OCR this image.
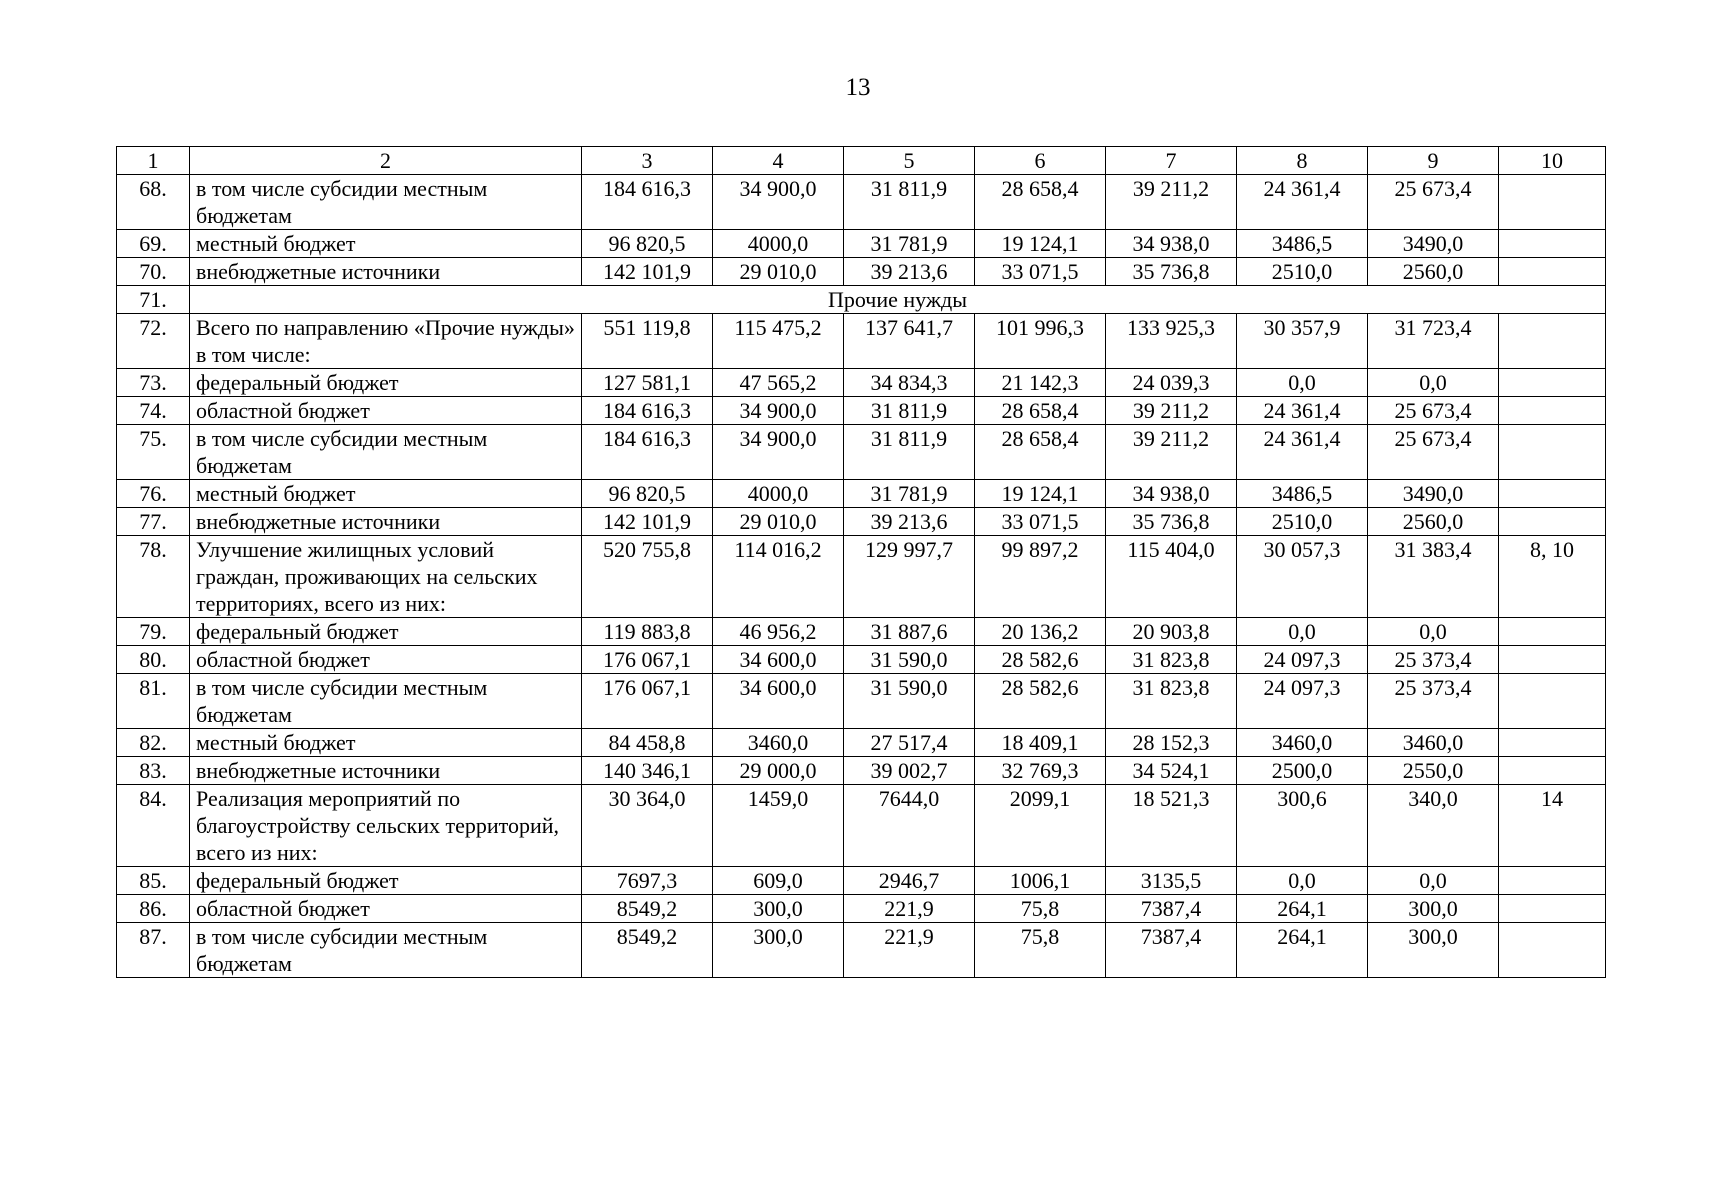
13
1	2	3	4	5	6	7	8	9	10
68.	в том числе субсидии местным бюджетам	184 616,3	34 900,0	31 811,9	28 658,4	39 211,2	24 361,4	25 673,4	
69.	местный бюджет	96 820,5	4000,0	31 781,9	19 124,1	34 938,0	3486,5	3490,0	
70.	внебюджетные источники	142 101,9	29 010,0	39 213,6	33 071,5	35 736,8	2510,0	2560,0	
71.	Прочие нужды								
72.	Всего по направлению «Прочие нужды» в том числе:	551 119,8	115 475,2	137 641,7	101 996,3	133 925,3	30 357,9	31 723,4	
73.	федеральный бюджет	127 581,1	47 565,2	34 834,3	21 142,3	24 039,3	0,0	0,0	
74.	областной бюджет	184 616,3	34 900,0	31 811,9	28 658,4	39 211,2	24 361,4	25 673,4	
75.	в том числе субсидии местным бюджетам	184 616,3	34 900,0	31 811,9	28 658,4	39 211,2	24 361,4	25 673,4	
76.	местный бюджет	96 820,5	4000,0	31 781,9	19 124,1	34 938,0	3486,5	3490,0	
77.	внебюджетные источники	142 101,9	29 010,0	39 213,6	33 071,5	35 736,8	2510,0	2560,0	
78.	Улучшение жилищных условий граждан, проживающих на сельских территориях, всего из них:	520 755,8	114 016,2	129 997,7	99 897,2	115 404,0	30 057,3	31 383,4	8, 10
79.	федеральный бюджет	119 883,8	46 956,2	31 887,6	20 136,2	20 903,8	0,0	0,0	
80.	областной бюджет	176 067,1	34 600,0	31 590,0	28 582,6	31 823,8	24 097,3	25 373,4	
81.	в том числе субсидии местным бюджетам	176 067,1	34 600,0	31 590,0	28 582,6	31 823,8	24 097,3	25 373,4	
82.	местный бюджет	84 458,8	3460,0	27 517,4	18 409,1	28 152,3	3460,0	3460,0	
83.	внебюджетные источники	140 346,1	29 000,0	39 002,7	32 769,3	34 524,1	2500,0	2550,0	
84.	Реализация мероприятий по благоустройству сельских территорий, всего из них:	30 364,0	1459,0	7644,0	2099,1	18 521,3	300,6	340,0	14
85.	федеральный бюджет	7697,3	609,0	2946,7	1006,1	3135,5	0,0	0,0	
86.	областной бюджет	8549,2	300,0	221,9	75,8	7387,4	264,1	300,0	
87.	в том числе субсидии местным бюджетам	8549,2	300,0	221,9	75,8	7387,4	264,1	300,0	
